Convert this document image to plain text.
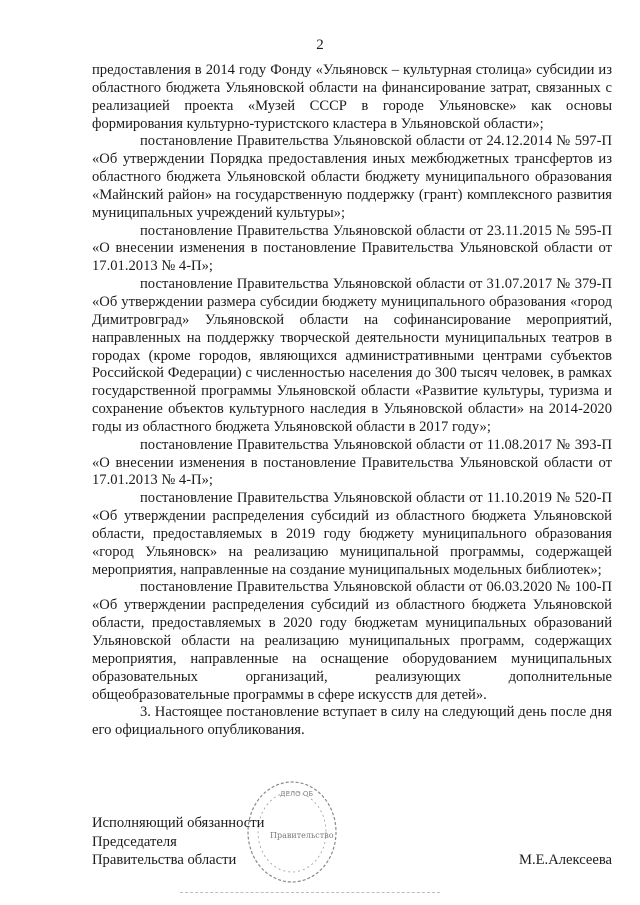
2

предоставления в 2014 году Фонду «Ульяновск – культурная столица» субсидии из областного бюджета Ульяновской области на финансирование затрат, связанных с реализацией проекта «Музей СССР в городе Ульяновске» как основы формирования культурно-туристского кластера в Ульяновской области»;

постановление Правительства Ульяновской области от 24.12.2014 № 597-П «Об утверждении Порядка предоставления иных межбюджетных трансфертов из областного бюджета Ульяновской области бюджету муниципального образования «Майнский район» на государственную поддержку (грант) комплексного развития муниципальных учреждений культуры»;

постановление Правительства Ульяновской области от 23.11.2015 № 595-П «О внесении изменения в постановление Правительства Ульяновской области от 17.01.2013 № 4-П»;

постановление Правительства Ульяновской области от 31.07.2017 № 379-П «Об утверждении размера субсидии бюджету муниципального образования «город Димитровград» Ульяновской области на софинансирование мероприятий, направленных на поддержку творческой деятельности муниципальных театров в городах (кроме городов, являющихся административными центрами субъектов Российской Федерации) с численностью населения до 300 тысяч человек, в рамках государственной программы Ульяновской области «Развитие культуры, туризма и сохранение объектов культурного наследия в Ульяновской области» на 2014-2020 годы из областного бюджета Ульяновской области в 2017 году»;

постановление Правительства Ульяновской области от 11.08.2017 № 393-П «О внесении изменения в постановление Правительства Ульяновской области от 17.01.2013 № 4-П»;

постановление Правительства Ульяновской области от 11.10.2019 № 520-П «Об утверждении распределения субсидий из областного бюджета Ульяновской области, предоставляемых в 2019 году бюджету муниципального образования «город Ульяновск» на реализацию муниципальной программы, содержащей мероприятия, направленные на создание муниципальных модельных библиотек»;

постановление Правительства Ульяновской области от 06.03.2020 № 100-П «Об утверждении распределения субсидий из областного бюджета Ульяновской области, предоставляемых в 2020 году бюджетам муниципальных образований Ульяновской области на реализацию муниципальных программ, содержащих мероприятия, направленные на оснащение оборудованием муниципальных образовательных организаций, реализующих дополнительные общеобразовательные программы в сфере искусств для детей».

3. Настоящее постановление вступает в силу на следующий день после дня его официального опубликования.

ДЕЛО ОБ
Правительство
Исполняющий обязанности
Председателя
Правительства области	М.Е.Алексеева
